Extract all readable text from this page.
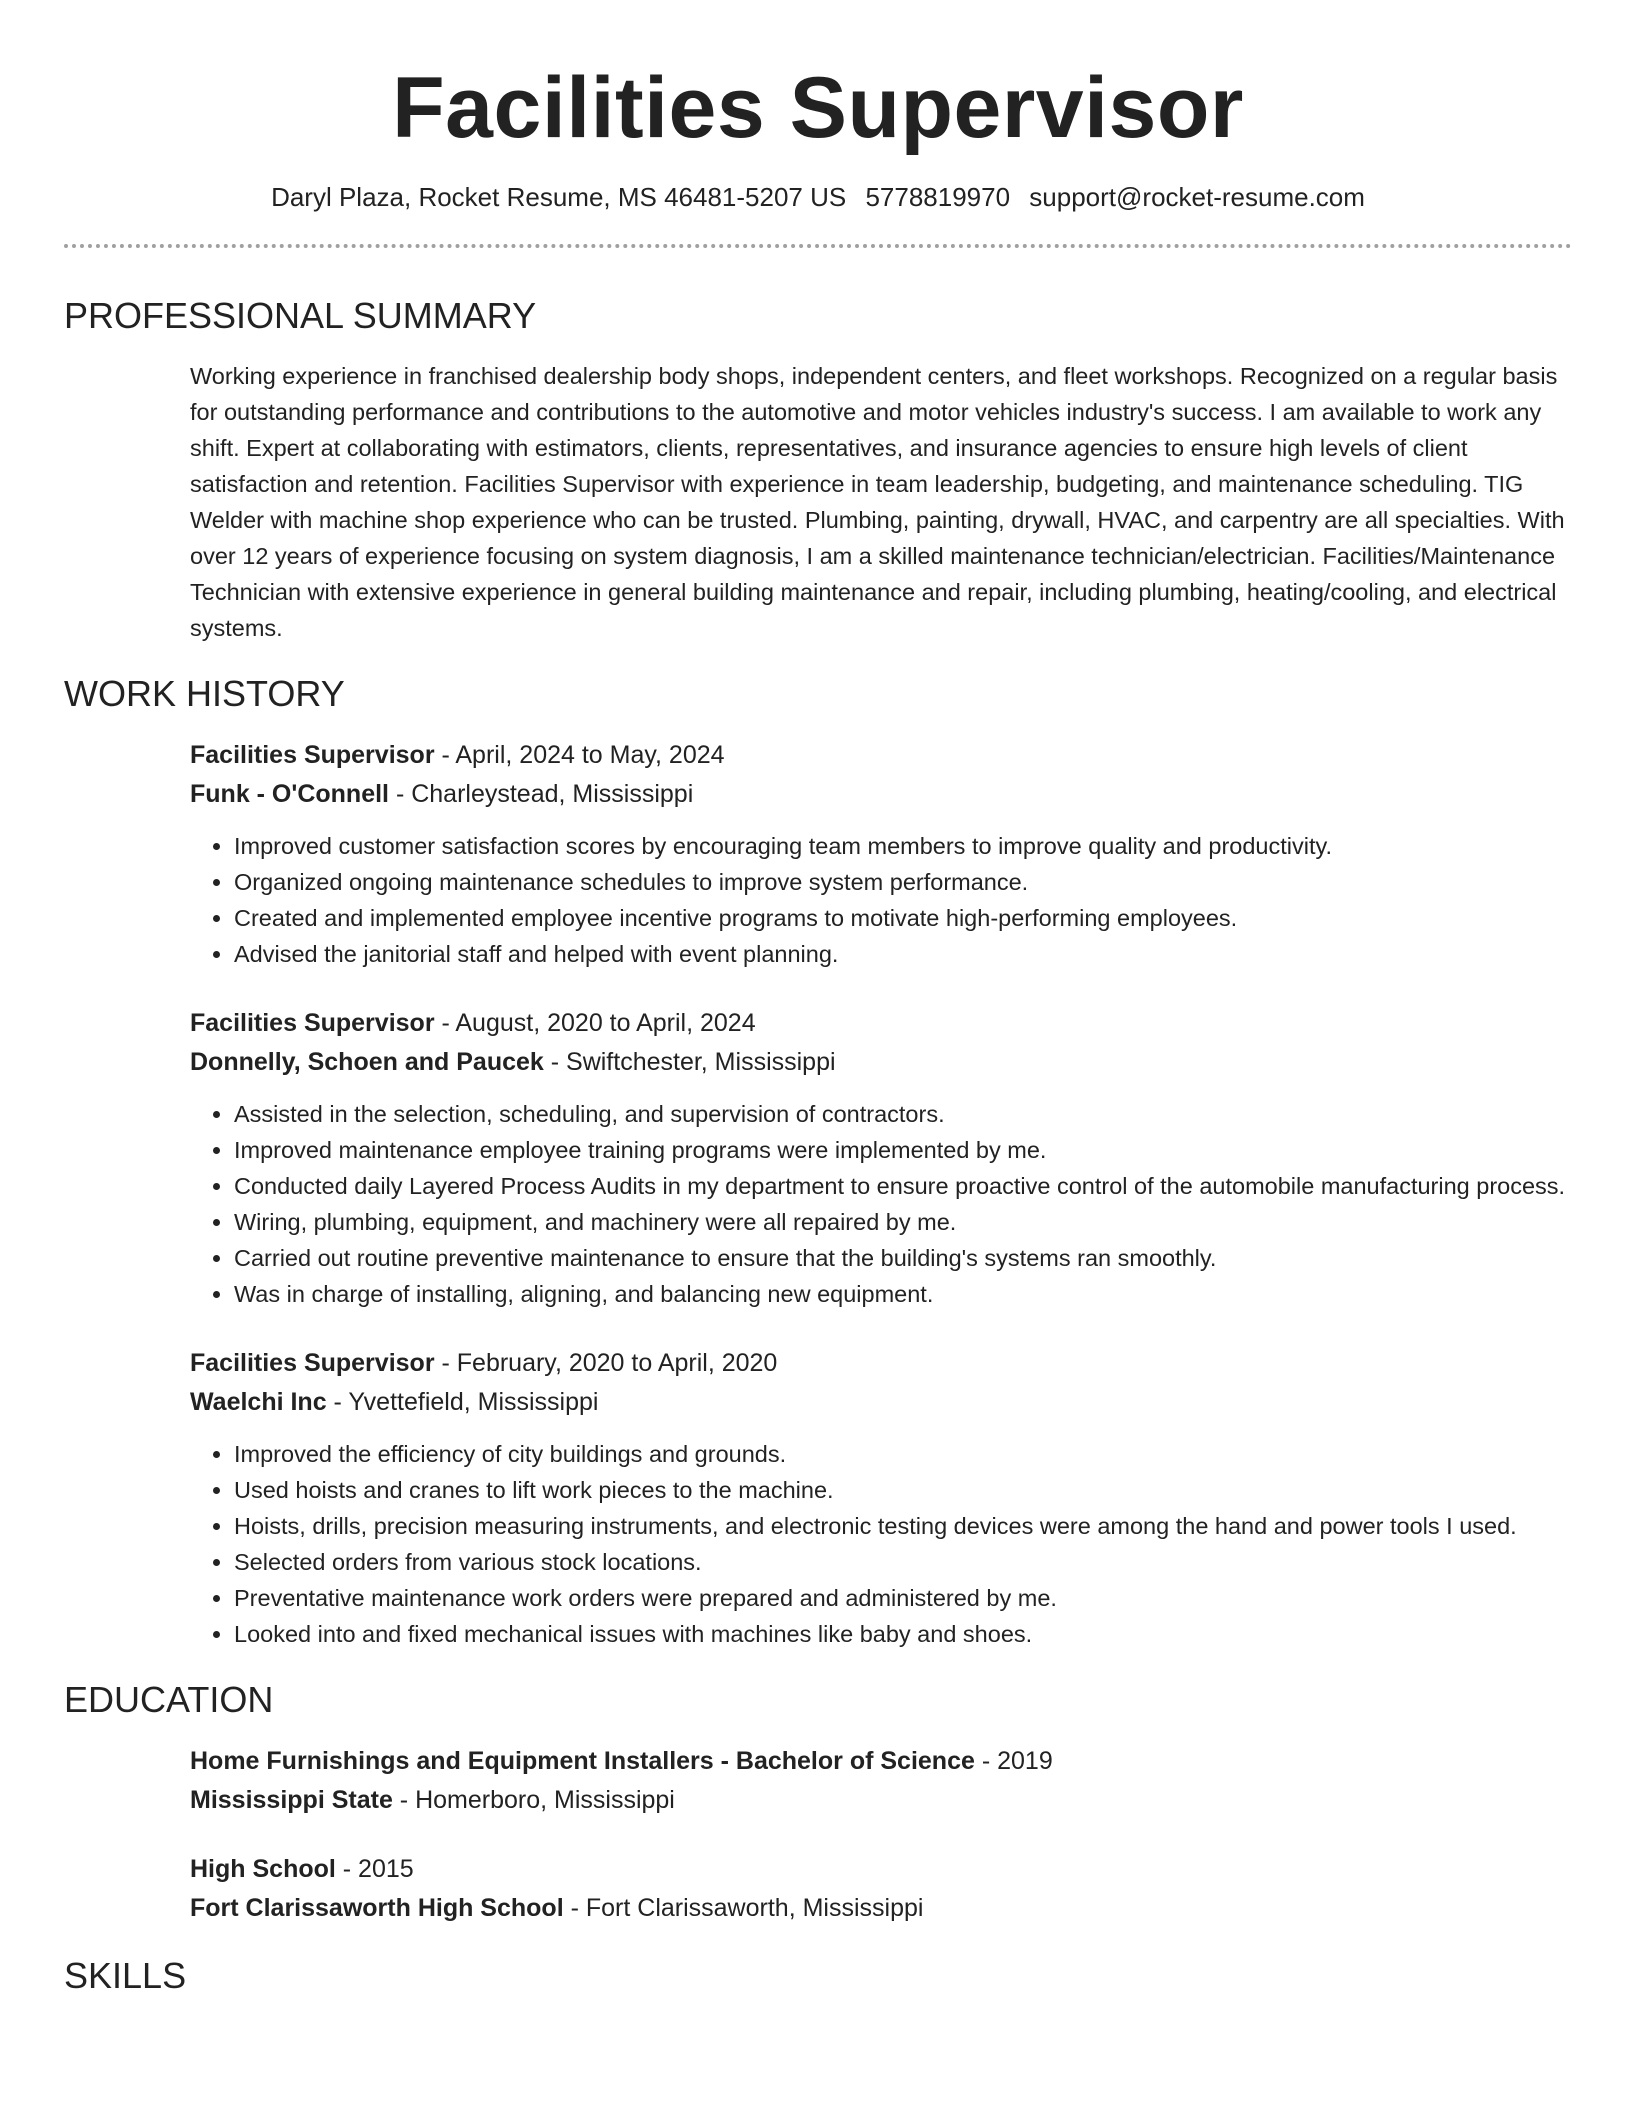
Facilities Supervisor
Daryl Plaza, Rocket Resume, MS 46481-5207 US 5778819970 support@rocket-resume.com
PROFESSIONAL SUMMARY

Working experience in franchised dealership body shops, independent centers, and fleet workshops. Recognized on a regular basis for outstanding performance and contributions to the automotive and motor vehicles industry's success. I am available to work any shift. Expert at collaborating with estimators, clients, representatives, and insurance agencies to ensure high levels of client satisfaction and retention. Facilities Supervisor with experience in team leadership, budgeting, and maintenance scheduling. TIG Welder with machine shop experience who can be trusted. Plumbing, painting, drywall, HVAC, and carpentry are all specialties. With over 12 years of experience focusing on system diagnosis, I am a skilled maintenance technician/electrician. Facilities/Maintenance Technician with extensive experience in general building maintenance and repair, including plumbing, heating/cooling, and electrical systems.

WORK HISTORY

Facilities Supervisor - April, 2024 to May, 2024

Funk - O'Connell - Charleystead, Mississippi

• Improved customer satisfaction scores by encouraging team members to improve quality and productivity.
• Organized ongoing maintenance schedules to improve system performance.
• Created and implemented employee incentive programs to motivate high-performing employees.
• Advised the janitorial staff and helped with event planning.

Facilities Supervisor - August, 2020 to April, 2024

Donnelly, Schoen and Paucek - Swiftchester, Mississippi

• Assisted in the selection, scheduling, and supervision of contractors.
• Improved maintenance employee training programs were implemented by me.
• Conducted daily Layered Process Audits in my department to ensure proactive control of the automobile manufacturing process.
• Wiring, plumbing, equipment, and machinery were all repaired by me.
• Carried out routine preventive maintenance to ensure that the building's systems ran smoothly.
• Was in charge of installing, aligning, and balancing new equipment.

Facilities Supervisor - February, 2020 to April, 2020

Waelchi Inc - Yvettefield, Mississippi

• Improved the efficiency of city buildings and grounds.
• Used hoists and cranes to lift work pieces to the machine.
• Hoists, drills, precision measuring instruments, and electronic testing devices were among the hand and power tools I used.
• Selected orders from various stock locations.
• Preventative maintenance work orders were prepared and administered by me.
• Looked into and fixed mechanical issues with machines like baby and shoes.
EDUCATION

Home Furnishings and Equipment Installers - Bachelor of Science - 2019

Mississippi State - Homerboro, Mississippi

High School - 2015

Fort Clarissaworth High School - Fort Clarissaworth, Mississippi

SKILLS
